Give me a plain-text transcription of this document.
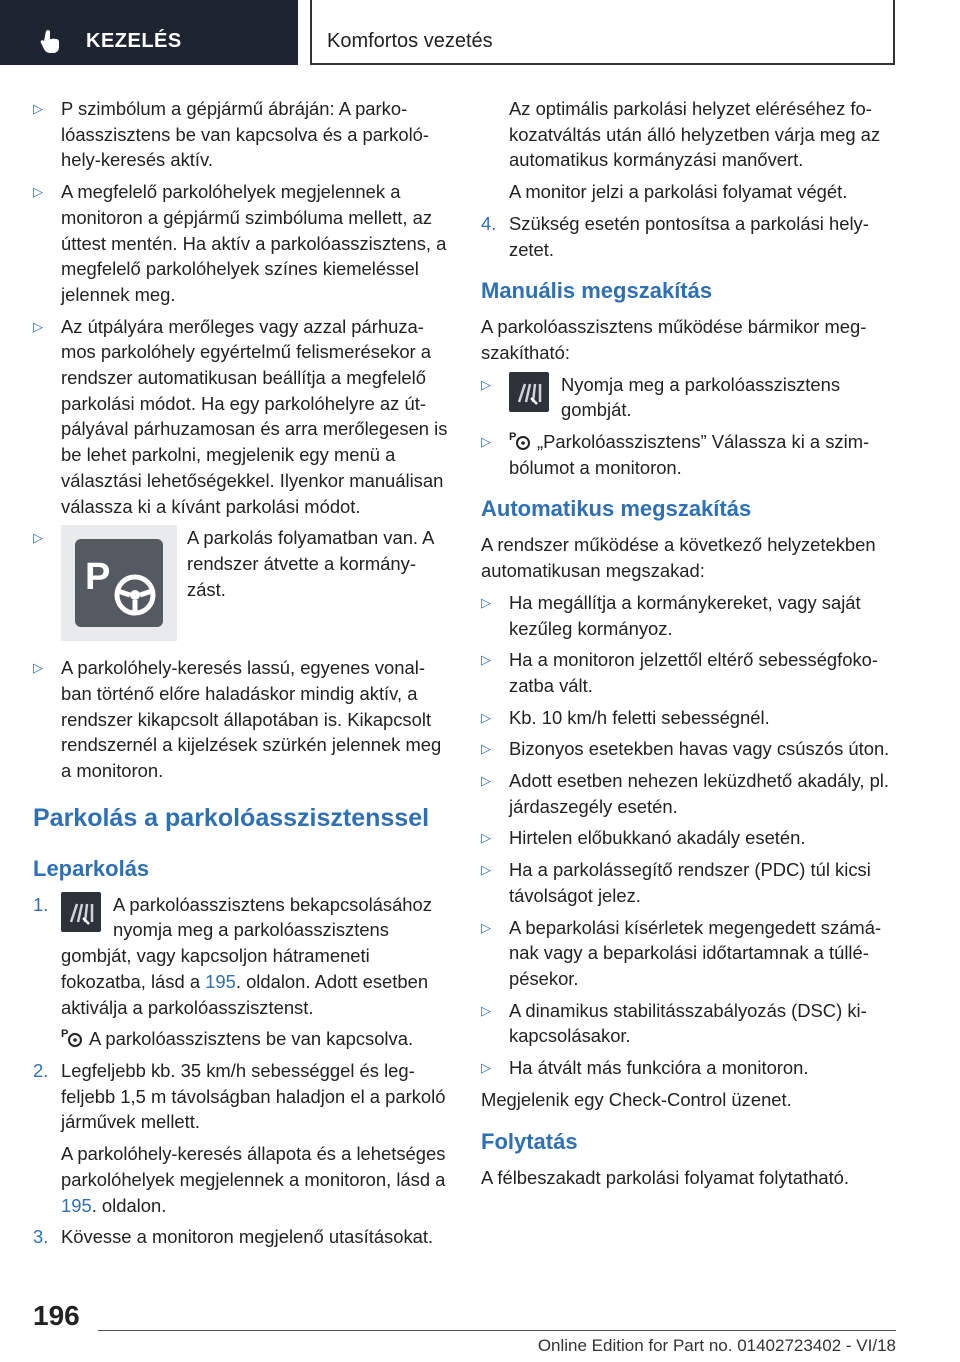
KEZELÉS	Komfortos vezetés
▷ P szimbólum a gépjármű ábráján: A parkolóasszisztens be van kapcsolva és a parkolóhely-keresés aktív.
▷ A megfelelő parkolóhelyek megjelennek a monitoron a gépjármű szimbóluma mellett, az úttest mentén. Ha aktív a parkolóasszisztens, a megfelelő parkolóhelyek színes kiemeléssel jelennek meg.
▷ Az útpályára merőleges vagy azzal párhuzamos parkolóhely egyértelmű felismerésekor a rendszer automatikusan beállítja a megfelelő parkolási módot. Ha egy parkolóhelyre az útpályával párhuzamosan és arra merőlegesen is be lehet parkolni, megjelenik egy menü a választási lehetőségekkel. Ilyenkor manuálisan válassza ki a kívánt parkolási módot.
▷
P
A parkolás folyamatban van. A rendszer átvette a kormányzást.
▷ A parkolóhely-keresés lassú, egyenes vonalban történő előre haladáskor mindig aktív, a rendszer kikapcsolt állapotában is. Kikapcsolt rendszernél a kijelzések szürkén jelennek meg a monitoron.
Parkolás a parkolóasszisztenssel
Leparkolás
1.	A parkolóasszisztens bekapcsolásához nyomja meg a parkolóasszisztens gombját, vagy kapcsoljon hátrameneti fokozatba, lásd a 195. oldalon. Adott esetben aktiválja a parkolóasszisztenst.
P A parkolóasszisztens be van kapcsolva.
2. Legfeljebb kb. 35 km/h sebességgel és legfeljebb 1,5 m távolságban haladjon el a parkoló járművek mellett.
A parkolóhely-keresés állapota és a lehetséges parkolóhelyek megjelennek a monitoron, lásd a 195. oldalon.
3. Kövesse a monitoron megjelenő utasításokat.
Az optimális parkolási helyzet eléréséhez fokozatváltás után álló helyzetben várja meg az automatikus kormányzási manővert.
A monitor jelzi a parkolási folyamat végét.
4. Szükség esetén pontosítsa a parkolási helyzetet.
Manuális megszakítás
A parkolóasszisztens működése bármikor megszakítható:
▷	Nyomja meg a parkolóasszisztens gombját.
▷ P „Parkolóasszisztens” Válassza ki a szimbólumot a monitoron.
Automatikus megszakítás
A rendszer működése a következő helyzetekben automatikusan megszakad:
▷ Ha megállítja a kormánykereket, vagy saját kezűleg kormányoz.
▷ Ha a monitoron jelzettől eltérő sebességfokozatba vált.
▷ Kb. 10 km/h feletti sebességnél.
▷ Bizonyos esetekben havas vagy csúszós úton.
▷ Adott esetben nehezen leküzdhető akadály, pl. járdaszegély esetén.
▷ Hirtelen előbukkanó akadály esetén.
▷ Ha a parkolássegítő rendszer (PDC) túl kicsi távolságot jelez.
▷ A beparkolási kísérletek megengedett számának vagy a beparkolási időtartamnak a túllépésekor.
▷ A dinamikus stabilitásszabályozás (DSC) kikapcsolásakor.
▷ Ha átvált más funkcióra a monitoron.
Megjelenik egy Check-Control üzenet.
Folytatás
A félbeszakadt parkolási folyamat folytatható.
196
Online Edition for Part no. 01402723402 - VI/18
